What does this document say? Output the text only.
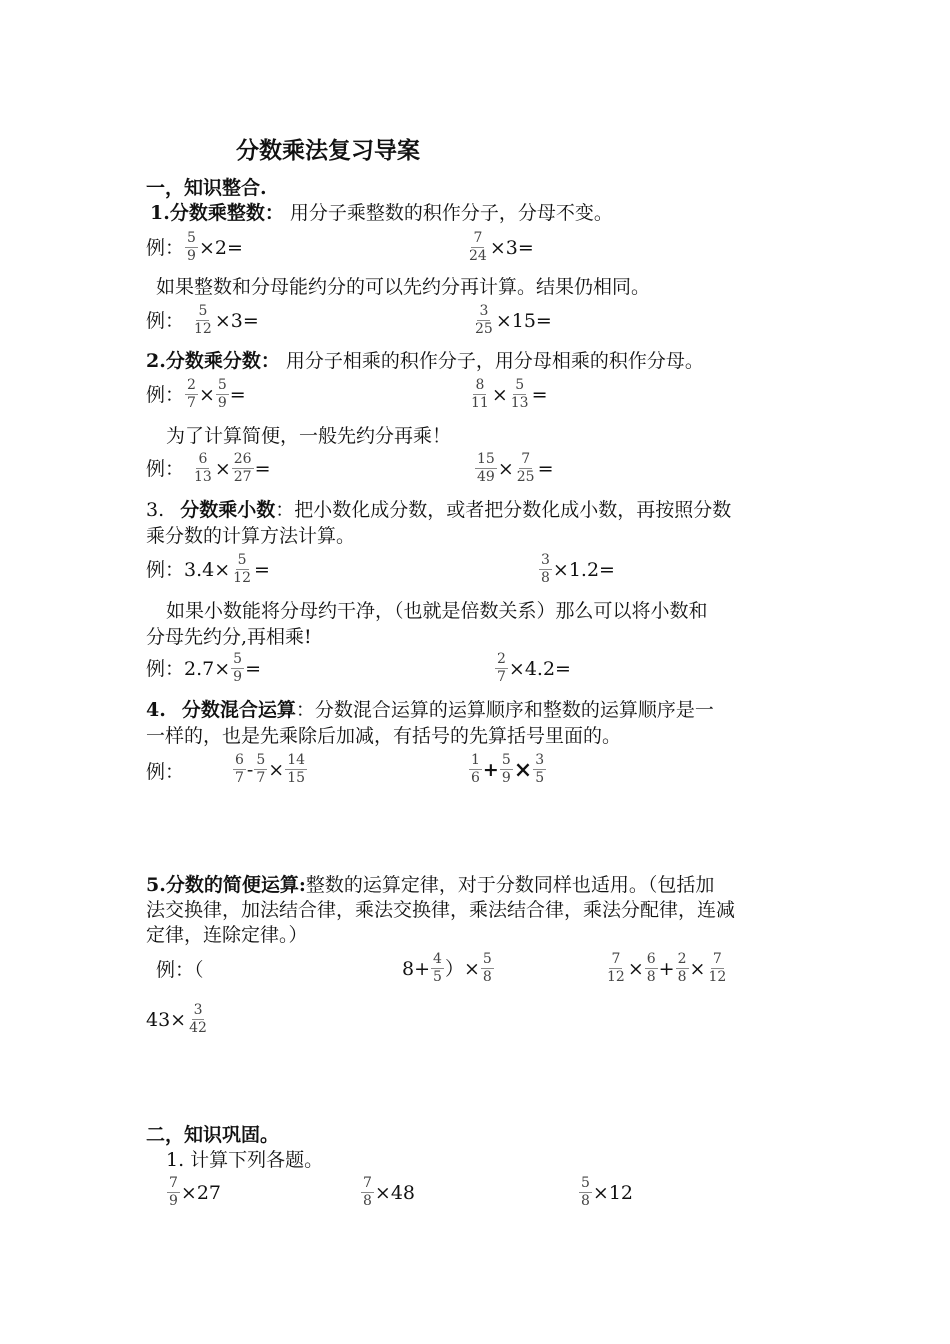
分数乘法复习导案
一，知识整合.
1.分数乘整数： 用分子乘整数的积作分子，分母不变。
例： $\frac{5}{9} \times 2=$	$\frac{7}{24} \times 3=$
如果整数和分母能约分的可以先约分再计算。结果仍相同。
例： $\frac{5}{12} \times 3=$	$\frac{3}{25} \times 15=$
2.分数乘分数： 用分子相乘的积作分子，用分母相乘的积作分母。
例： $\frac{2}{7} \times \frac{5}{9}$ =	$\frac{8}{11} \times \frac{5}{13}$ =
为了计算简便，一般先约分再乘！
例： $\frac{6}{13} \times \frac{26}{27}$ =	$\frac{15}{49} \times \frac{7}{25}$ =
3. 分数乘小数：把小数化成分数，或者把分数化成小数，再按照分数
乘分数的计算方法计算。
例： $3.4\times \frac{5}{12}$ =	$\frac{3}{8} \times 1.2=$
如果小数能将分母约干净，（也就是倍数关系）那么可以将小数和
分母先约分,再相乘!
例： $2.7\times \frac{5}{9}$ =	$\frac{2}{7} \times 4.2=$
4. 分数混合运算：分数混合运算的运算顺序和整数的运算顺序是一
一样的，也是先乘除后加减，有括号的先算括号里面的。
例：	$\frac{6}{7} - \frac{5}{7} \times \frac{14}{15}$	$\frac{1}{6} + \frac{5}{9} \times \frac{3}{5}$
5.分数的简便运算:整数的运算定律，对于分数同样也适用。（包括加
法交换律，加法结合律，乘法交换律，乘法结合律，乘法分配律，连减
定律，连除定律。）
例：（	$8+ \frac{4}{5}$ ）× $\frac{5}{8}$	$\frac{7}{12} \times \frac{6}{8} + \frac{2}{8} \times \frac{7}{12}$
$43\times \frac{3}{42}$
二，知识巩固。
1. 计算下列各题。
$\frac{7}{9} \times 27$	$\frac{7}{8} \times 48$	$\frac{5}{8} \times 12$
